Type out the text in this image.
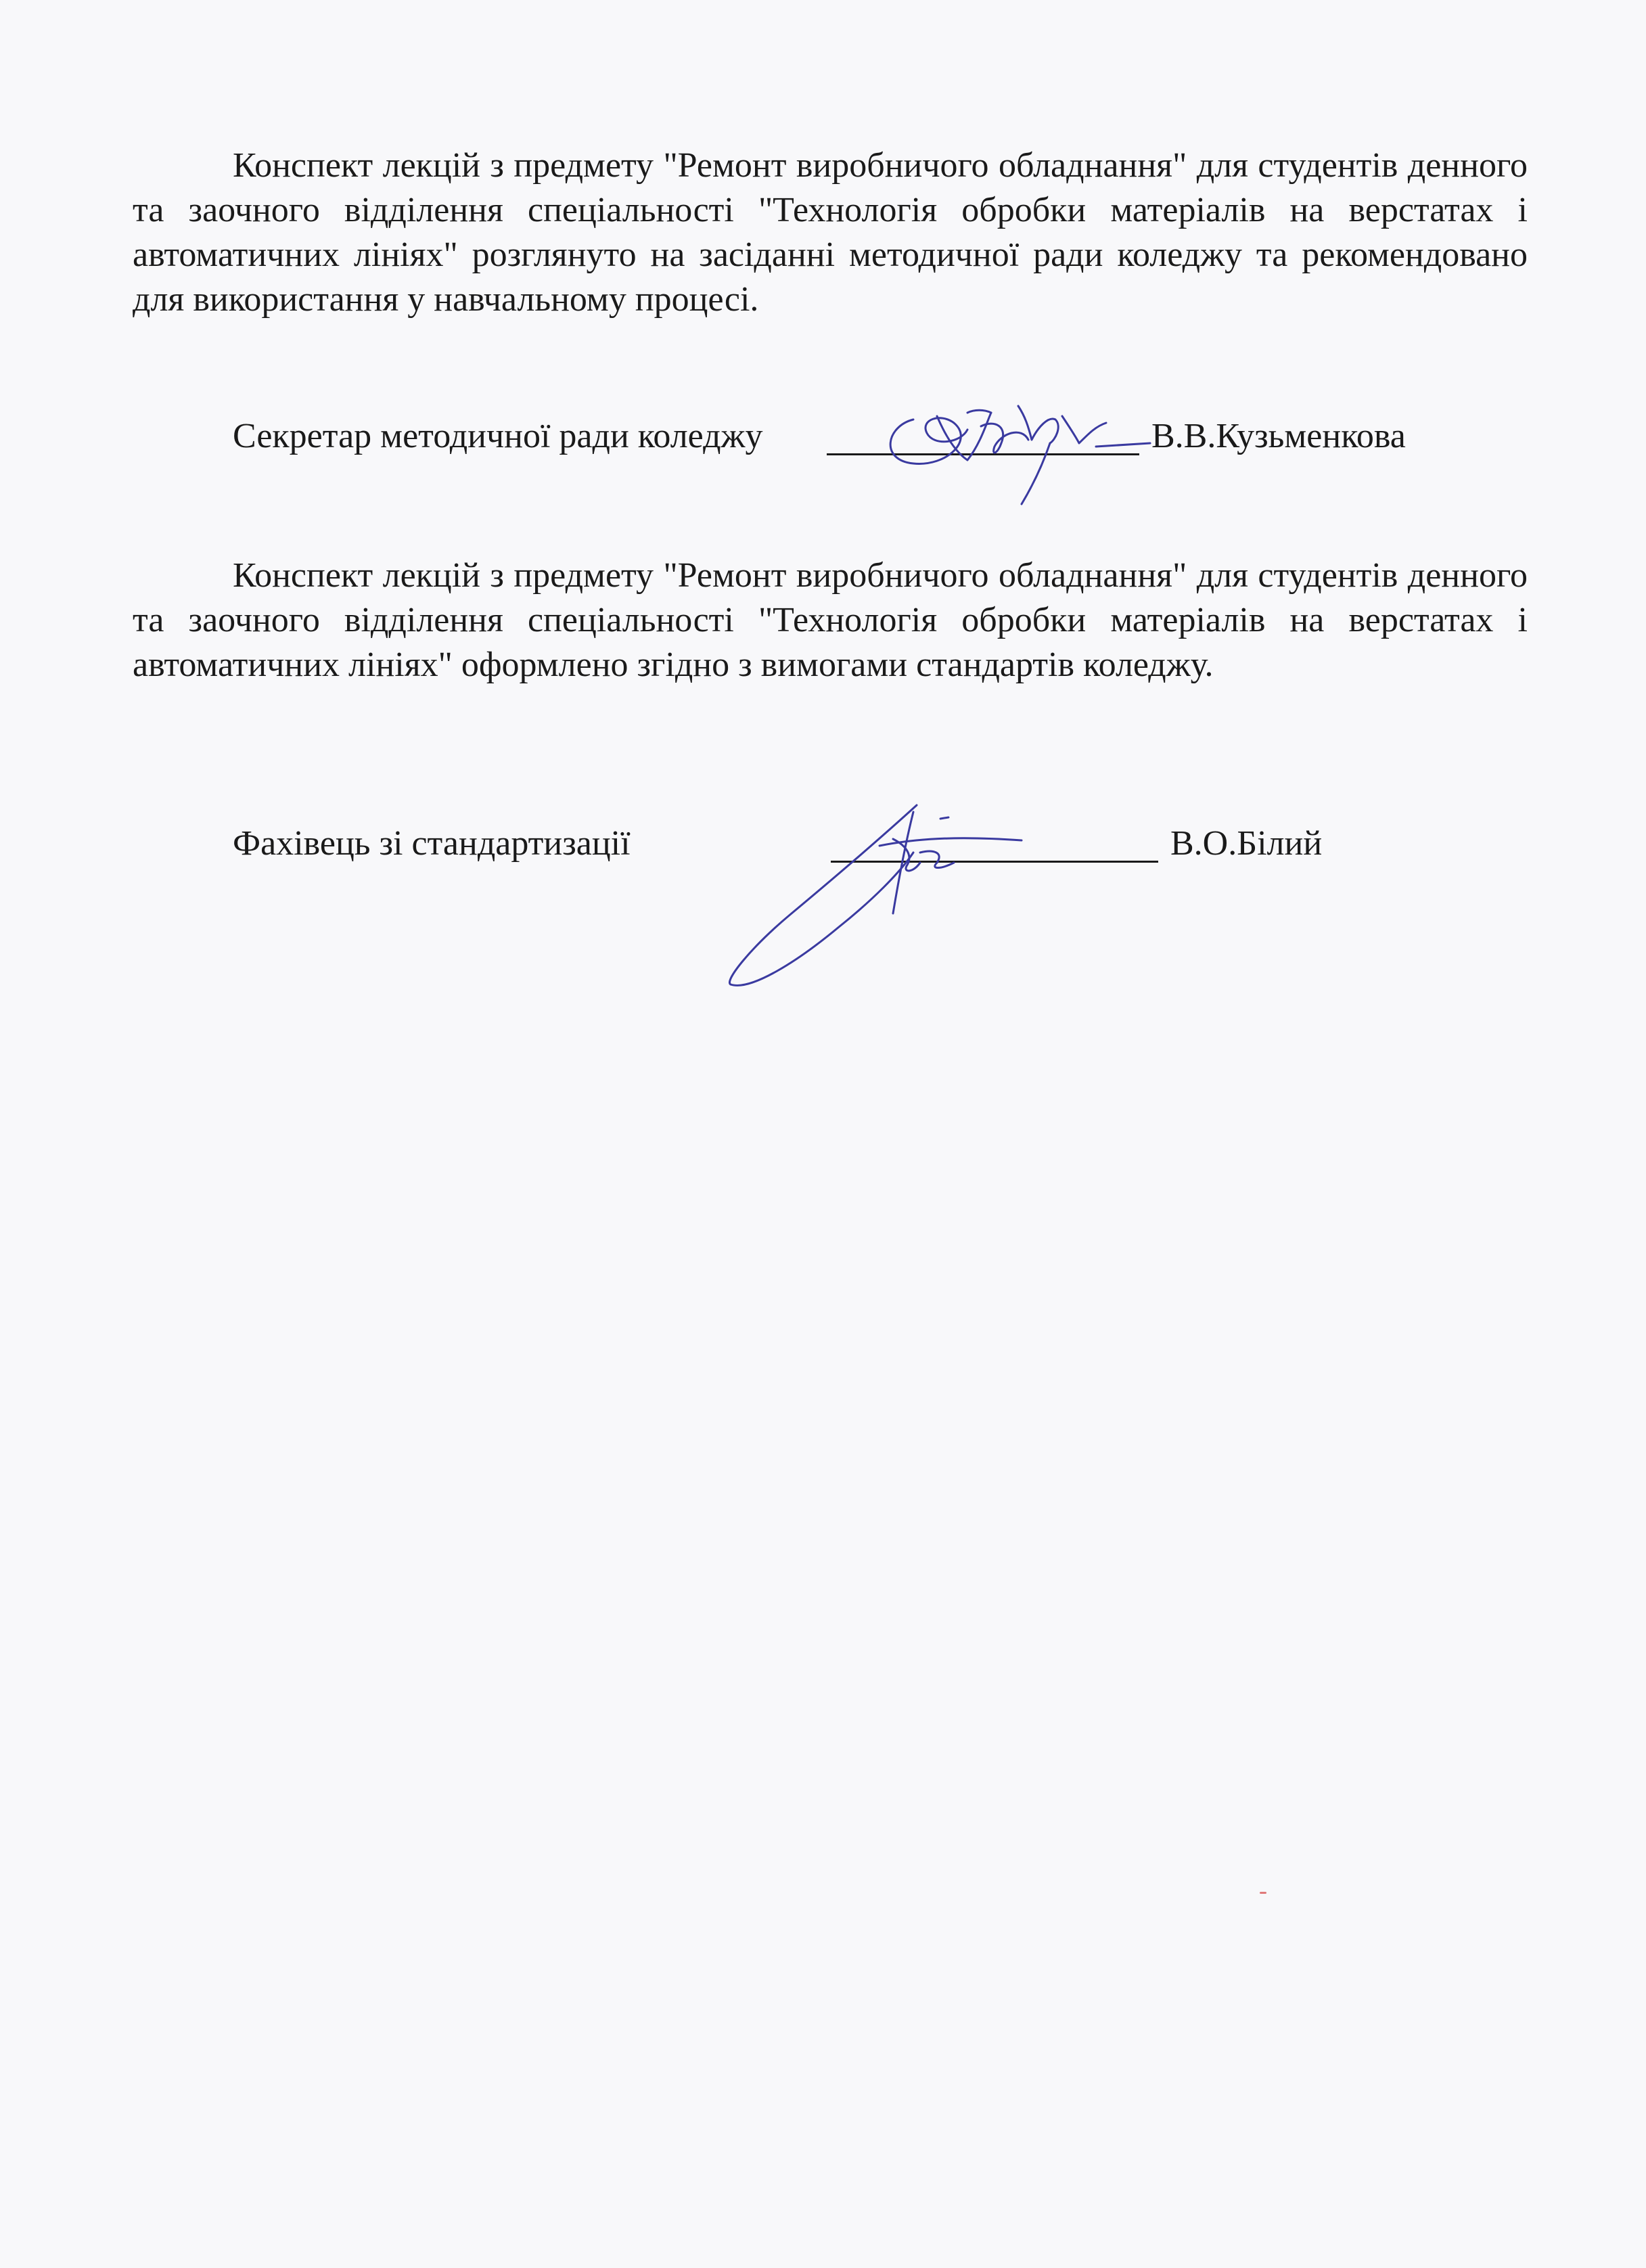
Конспект лекцій з предмету "Ремонт виробничого обладнання" для студентів денного та заочного відділення спеціальності "Технологія обробки матеріалів на верстатах і автоматичних лініях" розглянуто на засіданні методичної ради коледжу та рекомендовано для використання у навчальному процесі.

Секретар методичної ради коледжу	В.В.Кузьменкова

Конспект лекцій з предмету "Ремонт виробничого обладнання" для студентів денного та заочного відділення спеціальності "Технологія обробки матеріалів на верстатах і автоматичних лініях" оформлено згідно з вимогами стандартів коледжу.

Фахівець зі стандартизації	В.О.Білий
